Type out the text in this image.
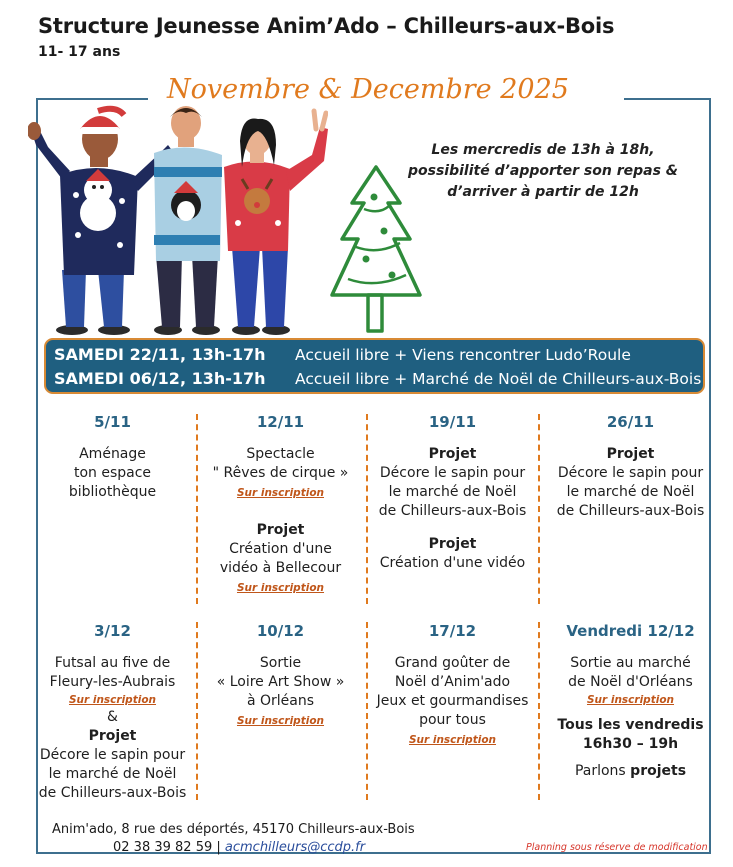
Structure Jeunesse Anim’Ado – Chilleurs-aux-Bois
11- 17 ans
Novembre & Decembre 2025
Les mercredis de 13h à 18h,
possibilité d’apporter son repas &
d’arriver à partir de 12h
SAMEDI 22/11, 13h-17h Accueil libre + Viens rencontrer Ludo’Roule
SAMEDI 06/12, 13h-17h Accueil libre + Marché de Noël de Chilleurs-aux-Bois
5/11
Aménage
ton espace
bibliothèque
12/11
Spectacle
" Rêves de cirque »
Sur inscription
Projet
Création d'une
vidéo à Bellecour
Sur inscription
19/11
Projet
Décore le sapin pour
le marché de Noël
de Chilleurs-aux-Bois
Projet
Création d'une vidéo
26/11
Projet
Décore le sapin pour
le marché de Noël
de Chilleurs-aux-Bois
3/12
Futsal au five de
Fleury-les-Aubrais
Sur inscription
&
Projet
Décore le sapin pour
le marché de Noël
de Chilleurs-aux-Bois
10/12
Sortie
« Loire Art Show »
à Orléans
Sur inscription
17/12
Grand goûter de
Noël d’Anim'ado
Jeux et gourmandises
pour tous
Sur inscription
Vendredi 12/12
Sortie au marché
de Noël d'Orléans
Sur inscription
Tous les vendredis
16h30 – 19h
Parlons projets
Anim'ado, 8 rue des déportés, 45170 Chilleurs-aux-Bois
02 38 39 82 59 | acmchilleurs@ccdp.fr	Planning sous réserve de modification
